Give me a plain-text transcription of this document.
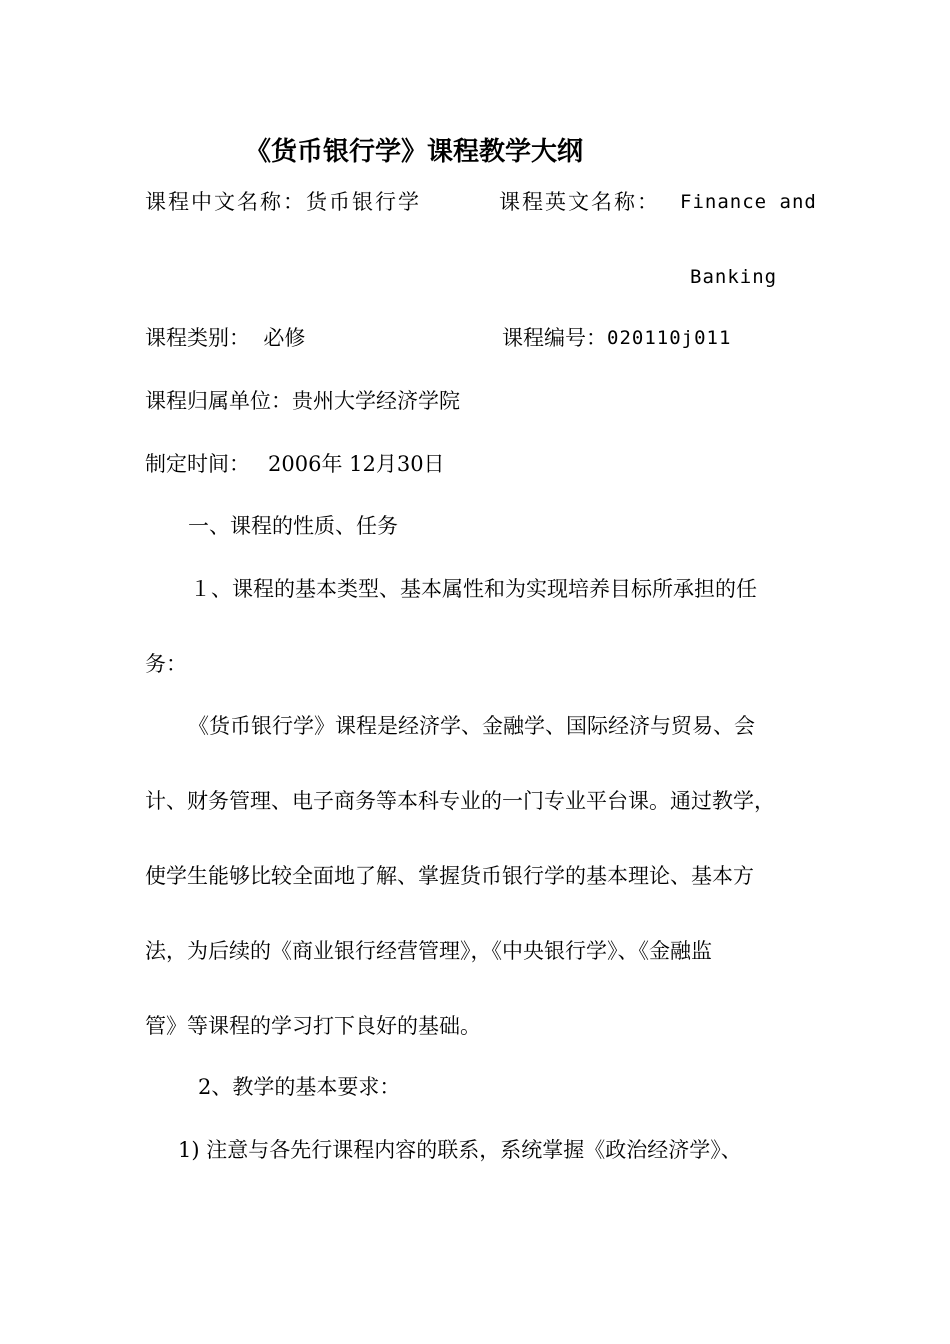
《货币银行学》课程教学大纲

课程中文名称：货币银行学	课程英文名称： Finance and

Banking

课程类别：  必修	课程编号： 020110j011

课程归属单位：贵州大学经济学院

制定时间： 2006年 12月30日

一、课程的性质、任务

１、课程的基本类型、基本属性和为实现培养目标所承担的任

务：

《货币银行学》课程是经济学、金融学、国际经济与贸易、会

计、财务管理、电子商务等本科专业的一门专业平台课。通过教学，

使学生能够比较全面地了解、掌握货币银行学的基本理论、基本方

法，为后续的《商业银行经营管理》，《中央银行学》、《金融监

管》等课程的学习打下良好的基础。

2、教学的基本要求：

1) 注意与各先行课程内容的联系，系统掌握《政治经济学》、
